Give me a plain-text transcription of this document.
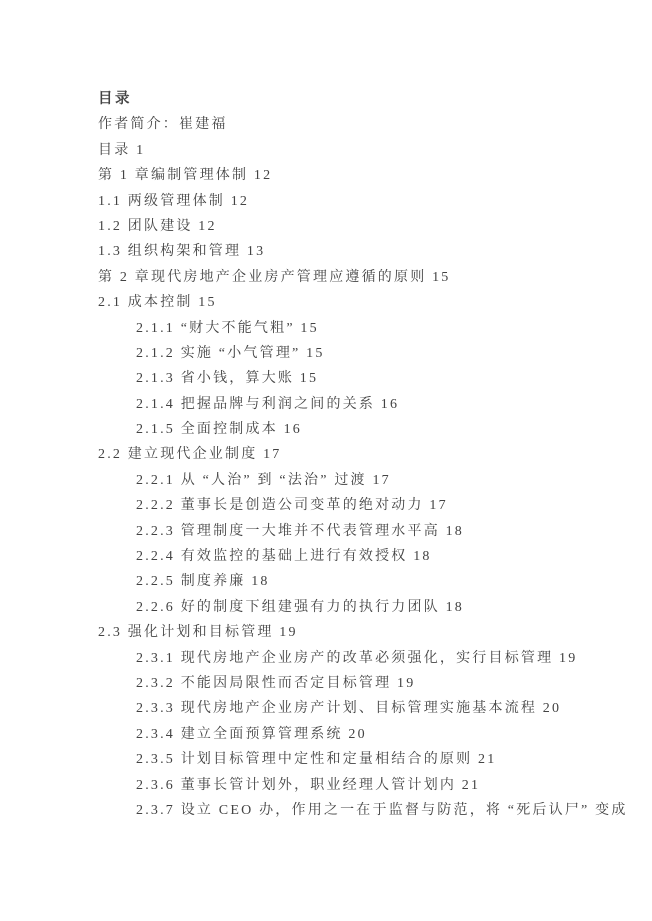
目录
作者简介：崔建福
目录 1
第 1 章编制管理体制 12
1.1 两级管理体制 12
1.2 团队建设 12
1.3 组织构架和管理 13
第 2 章现代房地产企业房产管理应遵循的原则 15
2.1 成本控制 15
2.1.1 “财大不能气粗” 15
2.1.2 实施 “小气管理” 15
2.1.3 省小钱，算大账 15
2.1.4 把握品牌与利润之间的关系 16
2.1.5 全面控制成本 16
2.2 建立现代企业制度 17
2.2.1 从 “人治” 到 “法治” 过渡 17
2.2.2 董事长是创造公司变革的绝对动力 17
2.2.3 管理制度一大堆并不代表管理水平高 18
2.2.4 有效监控的基础上进行有效授权 18
2.2.5 制度养廉 18
2.2.6 好的制度下组建强有力的执行力团队 18
2.3 强化计划和目标管理 19
2.3.1 现代房地产企业房产的改革必须强化，实行目标管理 19
2.3.2 不能因局限性而否定目标管理 19
2.3.3 现代房地产企业房产计划、目标管理实施基本流程 20
2.3.4 建立全面预算管理系统 20
2.3.5 计划目标管理中定性和定量相结合的原则 21
2.3.6 董事长管计划外，职业经理人管计划内 21
2.3.7 设立 CEO 办，作用之一在于监督与防范，将 “死后认尸” 变成
